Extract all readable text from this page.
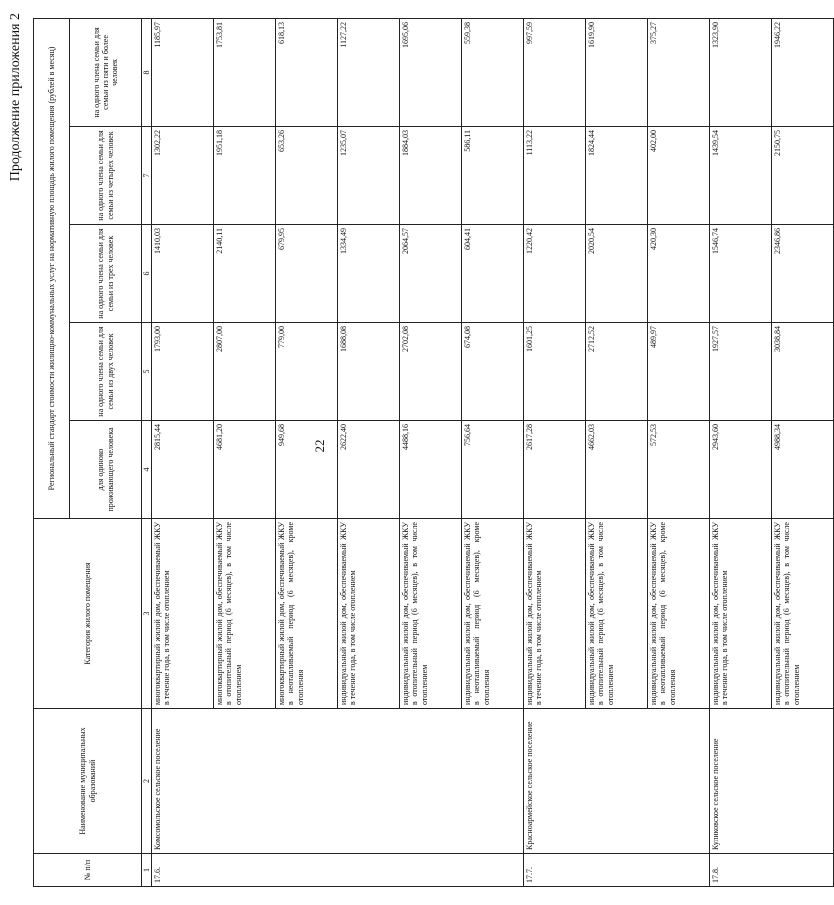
22
Продолжение приложения 2
№ п/п	Наименование муниципальных образований	Категория жилого помещения	Региональный стандарт стоимости жилищно-коммунальных услуг на нормативную площадь жилого помещения (рублей в месяц)				
			для одиноко проживающего человека	на одного члена семьи для семьи из двух человек	на одного члена семьи для семьи из трех человек	на одного члена семьи для семьи из четырех человек	на одного члена семьи для семьи из пяти и более человек
1	2	3	4	5	6	7	8
17.6.	Комсомольское сельское поселение	многоквартирный жилой дом, обеспечиваемый ЖКУ в течение года, в том числе отоплением	2815,44	1793,00	1410,03	1302,22	1185,97
		многоквартирный жилой дом, обеспечиваемый ЖКУ в отопительный период (6 месяцев), в том числе отоплением	4681,20	2807,00	2140,11	1951,18	1753,81
		многоквартирный жилой дом, обеспечиваемый ЖКУ в неотапливаемый период (6 месяцев), кроме отопления	949,68	779,00	679,95	653,26	618,13
		индивидуальный жилой дом, обеспечиваемый ЖКУ в течение года, в том числе отоплением	2622,40	1688,08	1334,49	1235,07	1127,22
		индивидуальный жилой дом, обеспечиваемый ЖКУ в отопительный период (6 месяцев), в том числе отоплением	4488,16	2702,08	2064,57	1884,03	1695,06
		индивидуальный жилой дом, обеспечиваемый ЖКУ в неотапливаемый период (6 месяцев), кроме отопления	756,64	674,08	604,41	586,11	559,38
17.7.	Красноармейское сельское поселение	индивидуальный жилой дом, обеспечиваемый ЖКУ в течение года, в том числе отоплением	2617,28	1601,25	1220,42	1113,22	997,59
		индивидуальный жилой дом, обеспечиваемый ЖКУ в отопительный период (6 месяцев), в том числе отоплением	4662,03	2712,52	2020,54	1824,44	1619,90
		индивидуальный жилой дом, обеспечиваемый ЖКУ в неотапливаемый период (6 месяцев), кроме отопления	572,53	489,97	420,30	402,00	375,27
17.8.	Куликовское сельское поселение	индивидуальный жилой дом, обеспечиваемый ЖКУ в течение года, в том числе отоплением	2943,60	1927,57	1546,74	1439,54	1323,90
		индивидуальный жилой дом, обеспечиваемый ЖКУ в отопительный период (6 месяцев), в том числе отоплением	4988,34	3038,84	2346,86	2150,75	1946,22
